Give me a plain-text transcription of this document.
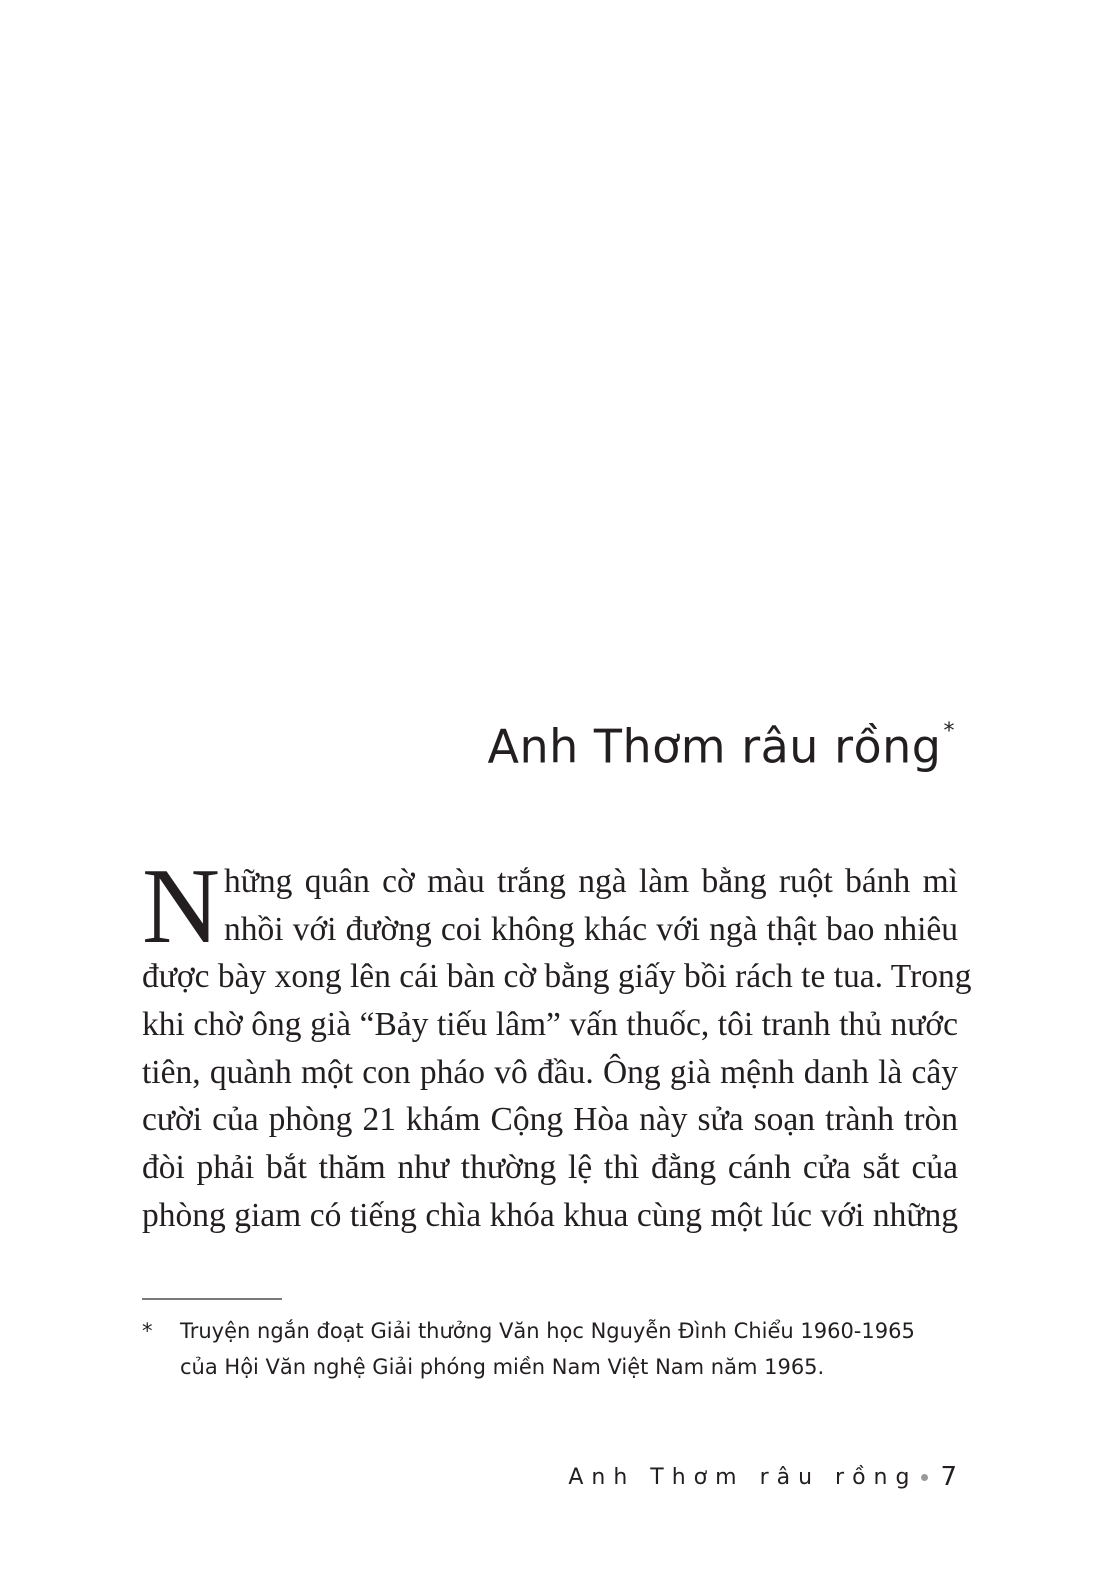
Anh Thơm râu rồng*
N hững quân cờ màu trắng ngà làm bằng ruột bánh mì
nhồi với đường coi không khác với ngà thật bao nhiêu
được bày xong lên cái bàn cờ bằng giấy bồi rách te tua. Trong
khi chờ ông già “Bảy tiếu lâm” vấn thuốc, tôi tranh thủ nước
tiên, quành một con pháo vô đầu. Ông già mệnh danh là cây
cười của phòng 21 khám Cộng Hòa này sửa soạn trành tròn
đòi phải bắt thăm như thường lệ thì đằng cánh cửa sắt của
phòng giam có tiếng chìa khóa khua cùng một lúc với những
* Truyện ngắn đoạt Giải thưởng Văn học Nguyễn Đình Chiểu 1960-1965
của Hội Văn nghệ Giải phóng miền Nam Việt Nam năm 1965.
Anh Thơm râu rồng 7
